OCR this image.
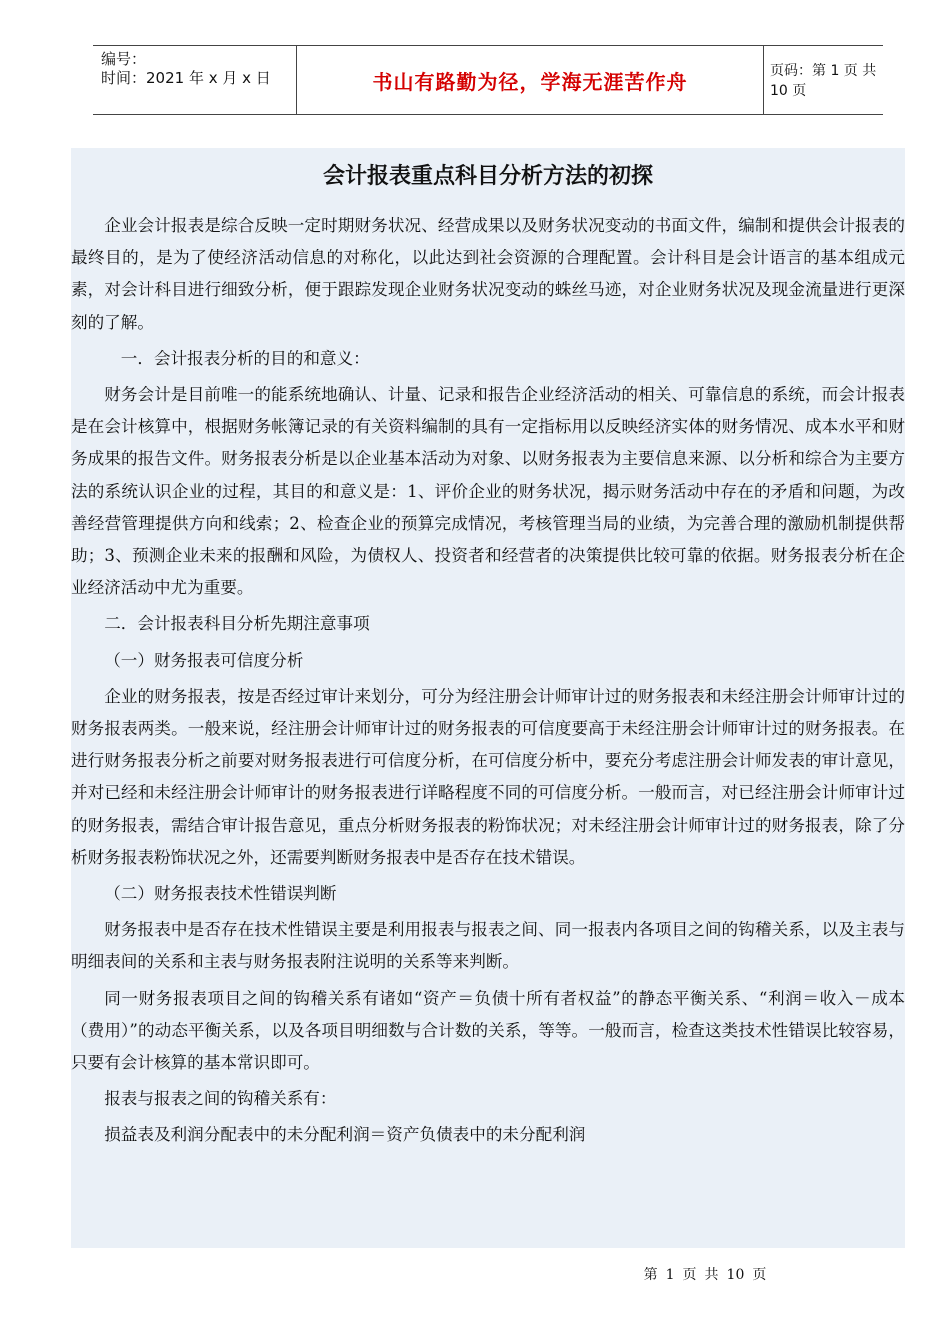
编号：
时间：2021 年 x 月 x 日	书山有路勤为径，学海无涯苦作舟	页码：第 1 页 共 10 页
会计报表重点科目分析方法的初探

企业会计报表是综合反映一定时期财务状况、经营成果以及财务状况变动的书面文件，编制和提供会计报表的最终目的，是为了使经济活动信息的对称化，以此达到社会资源的合理配置。会计科目是会计语言的基本组成元素，对会计科目进行细致分析，便于跟踪发现企业财务状况变动的蛛丝马迹，对企业财务状况及现金流量进行更深刻的了解。

一．会计报表分析的目的和意义：

财务会计是目前唯一的能系统地确认、计量、记录和报告企业经济活动的相关、可靠信息的系统，而会计报表是在会计核算中，根据财务帐簿记录的有关资料编制的具有一定指标用以反映经济实体的财务情况、成本水平和财务成果的报告文件。财务报表分析是以企业基本活动为对象、以财务报表为主要信息来源、以分析和综合为主要方法的系统认识企业的过程，其目的和意义是：1、评价企业的财务状况，揭示财务活动中存在的矛盾和问题，为改善经营管理提供方向和线索；2、检查企业的预算完成情况，考核管理当局的业绩，为完善合理的激励机制提供帮助；3、预测企业未来的报酬和风险，为债权人、投资者和经营者的决策提供比较可靠的依据。财务报表分析在企业经济活动中尤为重要。

二．会计报表科目分析先期注意事项

（一）财务报表可信度分析

企业的财务报表，按是否经过审计来划分，可分为经注册会计师审计过的财务报表和未经注册会计师审计过的财务报表两类。一般来说，经注册会计师审计过的财务报表的可信度要高于未经注册会计师审计过的财务报表。在进行财务报表分析之前要对财务报表进行可信度分析，在可信度分析中，要充分考虑注册会计师发表的审计意见，并对已经和未经注册会计师审计的财务报表进行详略程度不同的可信度分析。一般而言，对已经注册会计师审计过的财务报表，需结合审计报告意见，重点分析财务报表的粉饰状况；对未经注册会计师审计过的财务报表，除了分析财务报表粉饰状况之外，还需要判断财务报表中是否存在技术错误。

（二）财务报表技术性错误判断

财务报表中是否存在技术性错误主要是利用报表与报表之间、同一报表内各项目之间的钩稽关系，以及主表与明细表间的关系和主表与财务报表附注说明的关系等来判断。

同一财务报表项目之间的钩稽关系有诸如“资产＝负债十所有者权益”的静态平衡关系、“利润＝收入－成本（费用）”的动态平衡关系，以及各项目明细数与合计数的关系，等等。一般而言，检查这类技术性错误比较容易，只要有会计核算的基本常识即可。

报表与报表之间的钩稽关系有：

损益表及利润分配表中的未分配利润＝资产负债表中的未分配利润

第 1 页 共 10 页
